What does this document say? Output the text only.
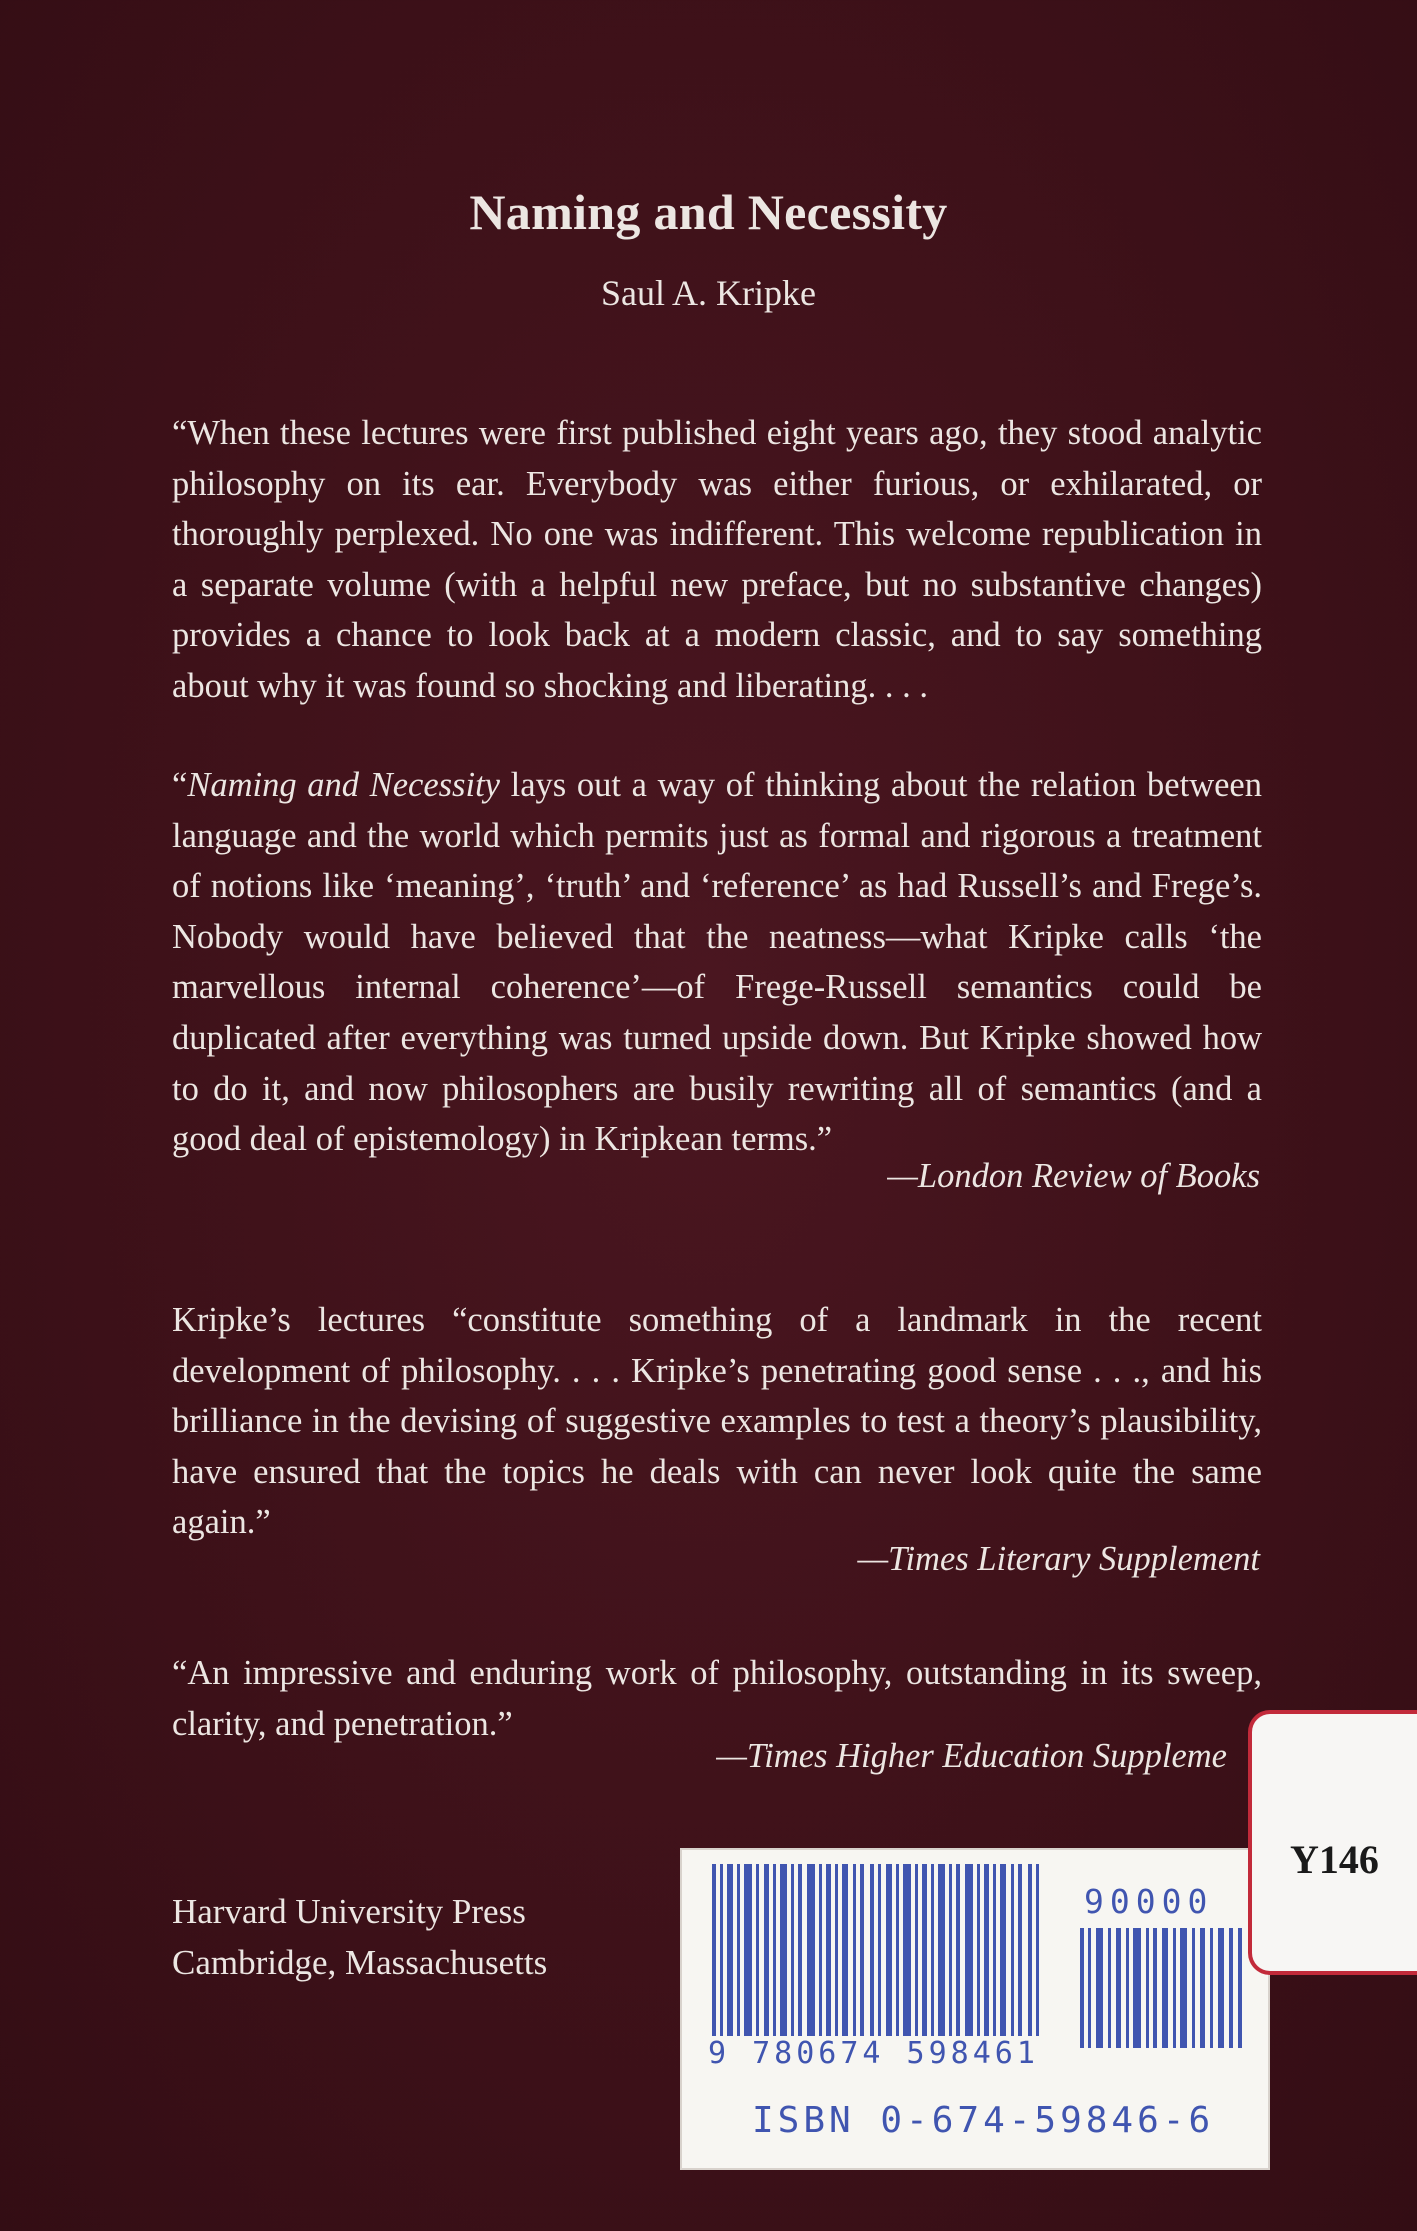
Naming and Necessity

Saul A. Kripke

“When these lectures were first published eight years ago, they stood analytic philosophy on its ear. Everybody was either furious, or exhilarated, or thoroughly perplexed. No one was indifferent. This welcome republication in a separate volume (with a helpful new preface, but no substantive changes) provides a chance to look back at a modern classic, and to say something about why it was found so shocking and liberating. . . .

“Naming and Necessity lays out a way of thinking about the relation between language and the world which permits just as formal and rigorous a treatment of notions like ‘meaning’, ‘truth’ and ‘reference’ as had Russell’s and Frege’s. Nobody would have believed that the neatness—what Kripke calls ‘the marvellous internal coherence’—of Frege-Russell semantics could be duplicated after everything was turned upside down. But Kripke showed how to do it, and now philosophers are busily rewriting all of semantics (and a good deal of epistemology) in Kripkean terms.”

—London Review of Books

Kripke’s lectures “constitute something of a landmark in the recent development of philosophy. . . . Kripke’s penetrating good sense . . ., and his brilliance in the devising of suggestive examples to test a theory’s plausibility, have ensured that the topics he deals with can never look quite the same again.”

—Times Literary Supplement

“An impressive and enduring work of philosophy, outstanding in its sweep, clarity, and penetration.”

—Times Higher Education Suppleme

Harvard University Press
Cambridge, Massachusetts
90000
9 780674 598461
ISBN 0-674-59846-6

Y146
